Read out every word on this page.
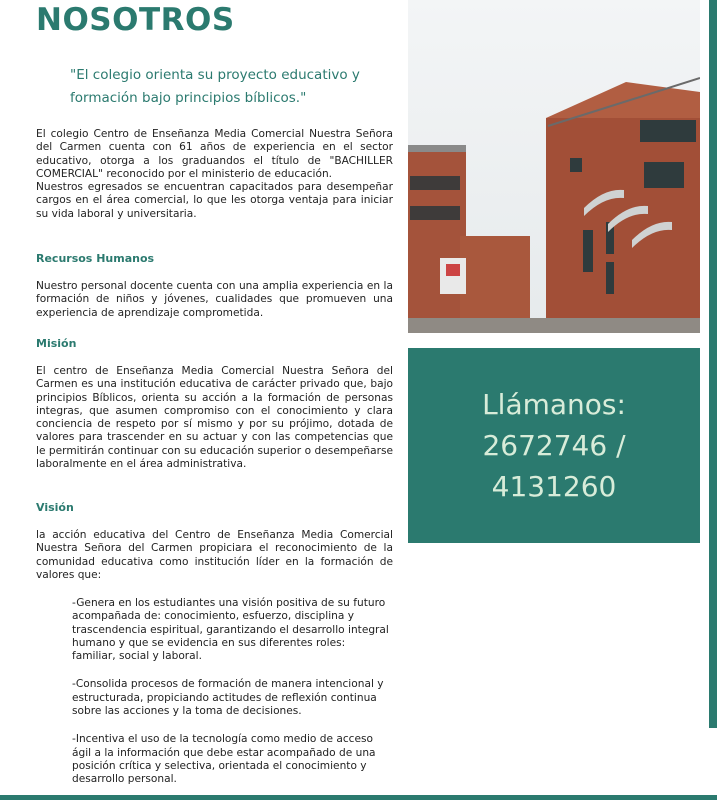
NOSOTROS
"El colegio orienta su proyecto educativo y formación bajo principios bíblicos."

El colegio Centro de Enseñanza Media Comercial Nuestra Señora del Carmen cuenta con 61 años de experiencia en el sector educativo, otorga a los graduandos el título de "BACHILLER COMERCIAL" reconocido por el ministerio de educación.

Nuestros egresados se encuentran capacitados para desempeñar cargos en el área comercial, lo que les otorga ventaja para iniciar su vida laboral y universitaria.

Recursos Humanos
Nuestro personal docente cuenta con una amplia experiencia en la formación de niños y jóvenes, cualidades que promueven una experiencia de aprendizaje comprometida.
Misión
El centro de Enseñanza Media Comercial Nuestra Señora del Carmen es una institución educativa de carácter privado que, bajo principios Bíblicos, orienta su acción a la formación de personas integras, que asumen compromiso con el conocimiento y clara conciencia de respeto por sí mismo y por su prójimo, dotada de valores para trascender en su actuar y con las competencias que le permitirán continuar con su educación superior o desempeñarse laboralmente en el área administrativa.
Visión
la acción educativa del Centro de Enseñanza Media Comercial Nuestra Señora del Carmen propiciara el reconocimiento de la comunidad educativa como institución líder en la formación de valores que:

-Genera en los estudiantes una visión positiva de su futuro acompañada de: conocimiento, esfuerzo, disciplina y trascendencia espiritual, garantizando el desarrollo integral humano y que se evidencia en sus diferentes roles: familiar, social y laboral.

-Consolida procesos de formación de manera intencional y estructurada, propiciando actitudes de reflexión continua sobre las acciones y la toma de decisiones.

-Incentiva el uso de la tecnología como medio de acceso ágil a la información que debe estar acompañado de una posición crítica y selectiva, orientada el conocimiento y desarrollo personal.

Llámanos:
2672746 /
4131260
